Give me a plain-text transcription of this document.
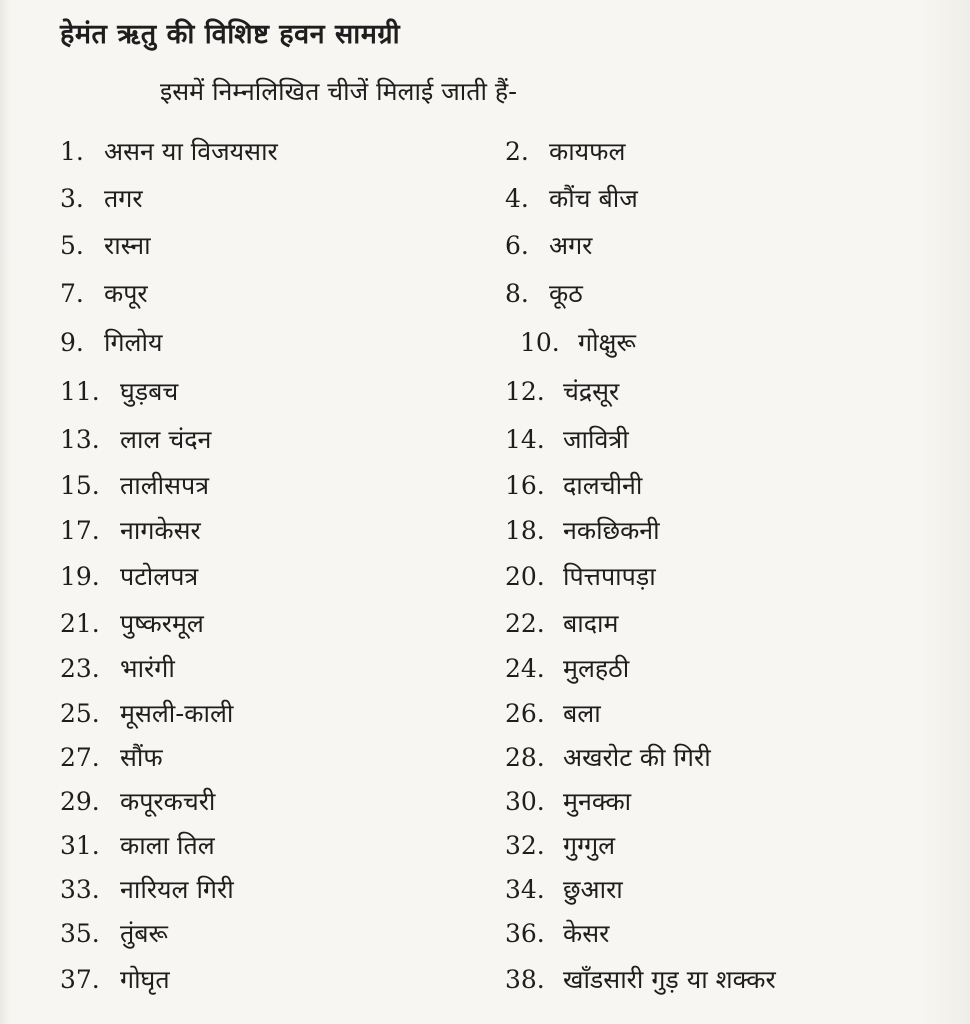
हेमंत ऋतु की विशिष्ट हवन सामग्री
इसमें निम्नलिखित चीजें मिलाई जाती हैं-
1. असन या विजयसार	2. कायफल
3. तगर	4. कौंच बीज
5. रास्ना	6. अगर
7. कपूर	8. कूठ
9. गिलोय	10. गोक्षुरू
11. घुड़बच	12. चंद्रसूर
13. लाल चंदन	14. जावित्री
15. तालीसपत्र	16. दालचीनी
17. नागकेसर	18. नकछिकनी
19. पटोलपत्र	20. पित्तपापड़ा
21. पुष्करमूल	22. बादाम
23. भारंगी	24. मुलहठी
25. मूसली-काली	26. बला
27. सौंफ	28. अखरोट की गिरी
29. कपूरकचरी	30. मुनक्का
31. काला तिल	32. गुग्गुल
33. नारियल गिरी	34. छुआरा
35. तुंबरू	36. केसर
37. गोघृत	38. खाँडसारी गुड़ या शक्कर
